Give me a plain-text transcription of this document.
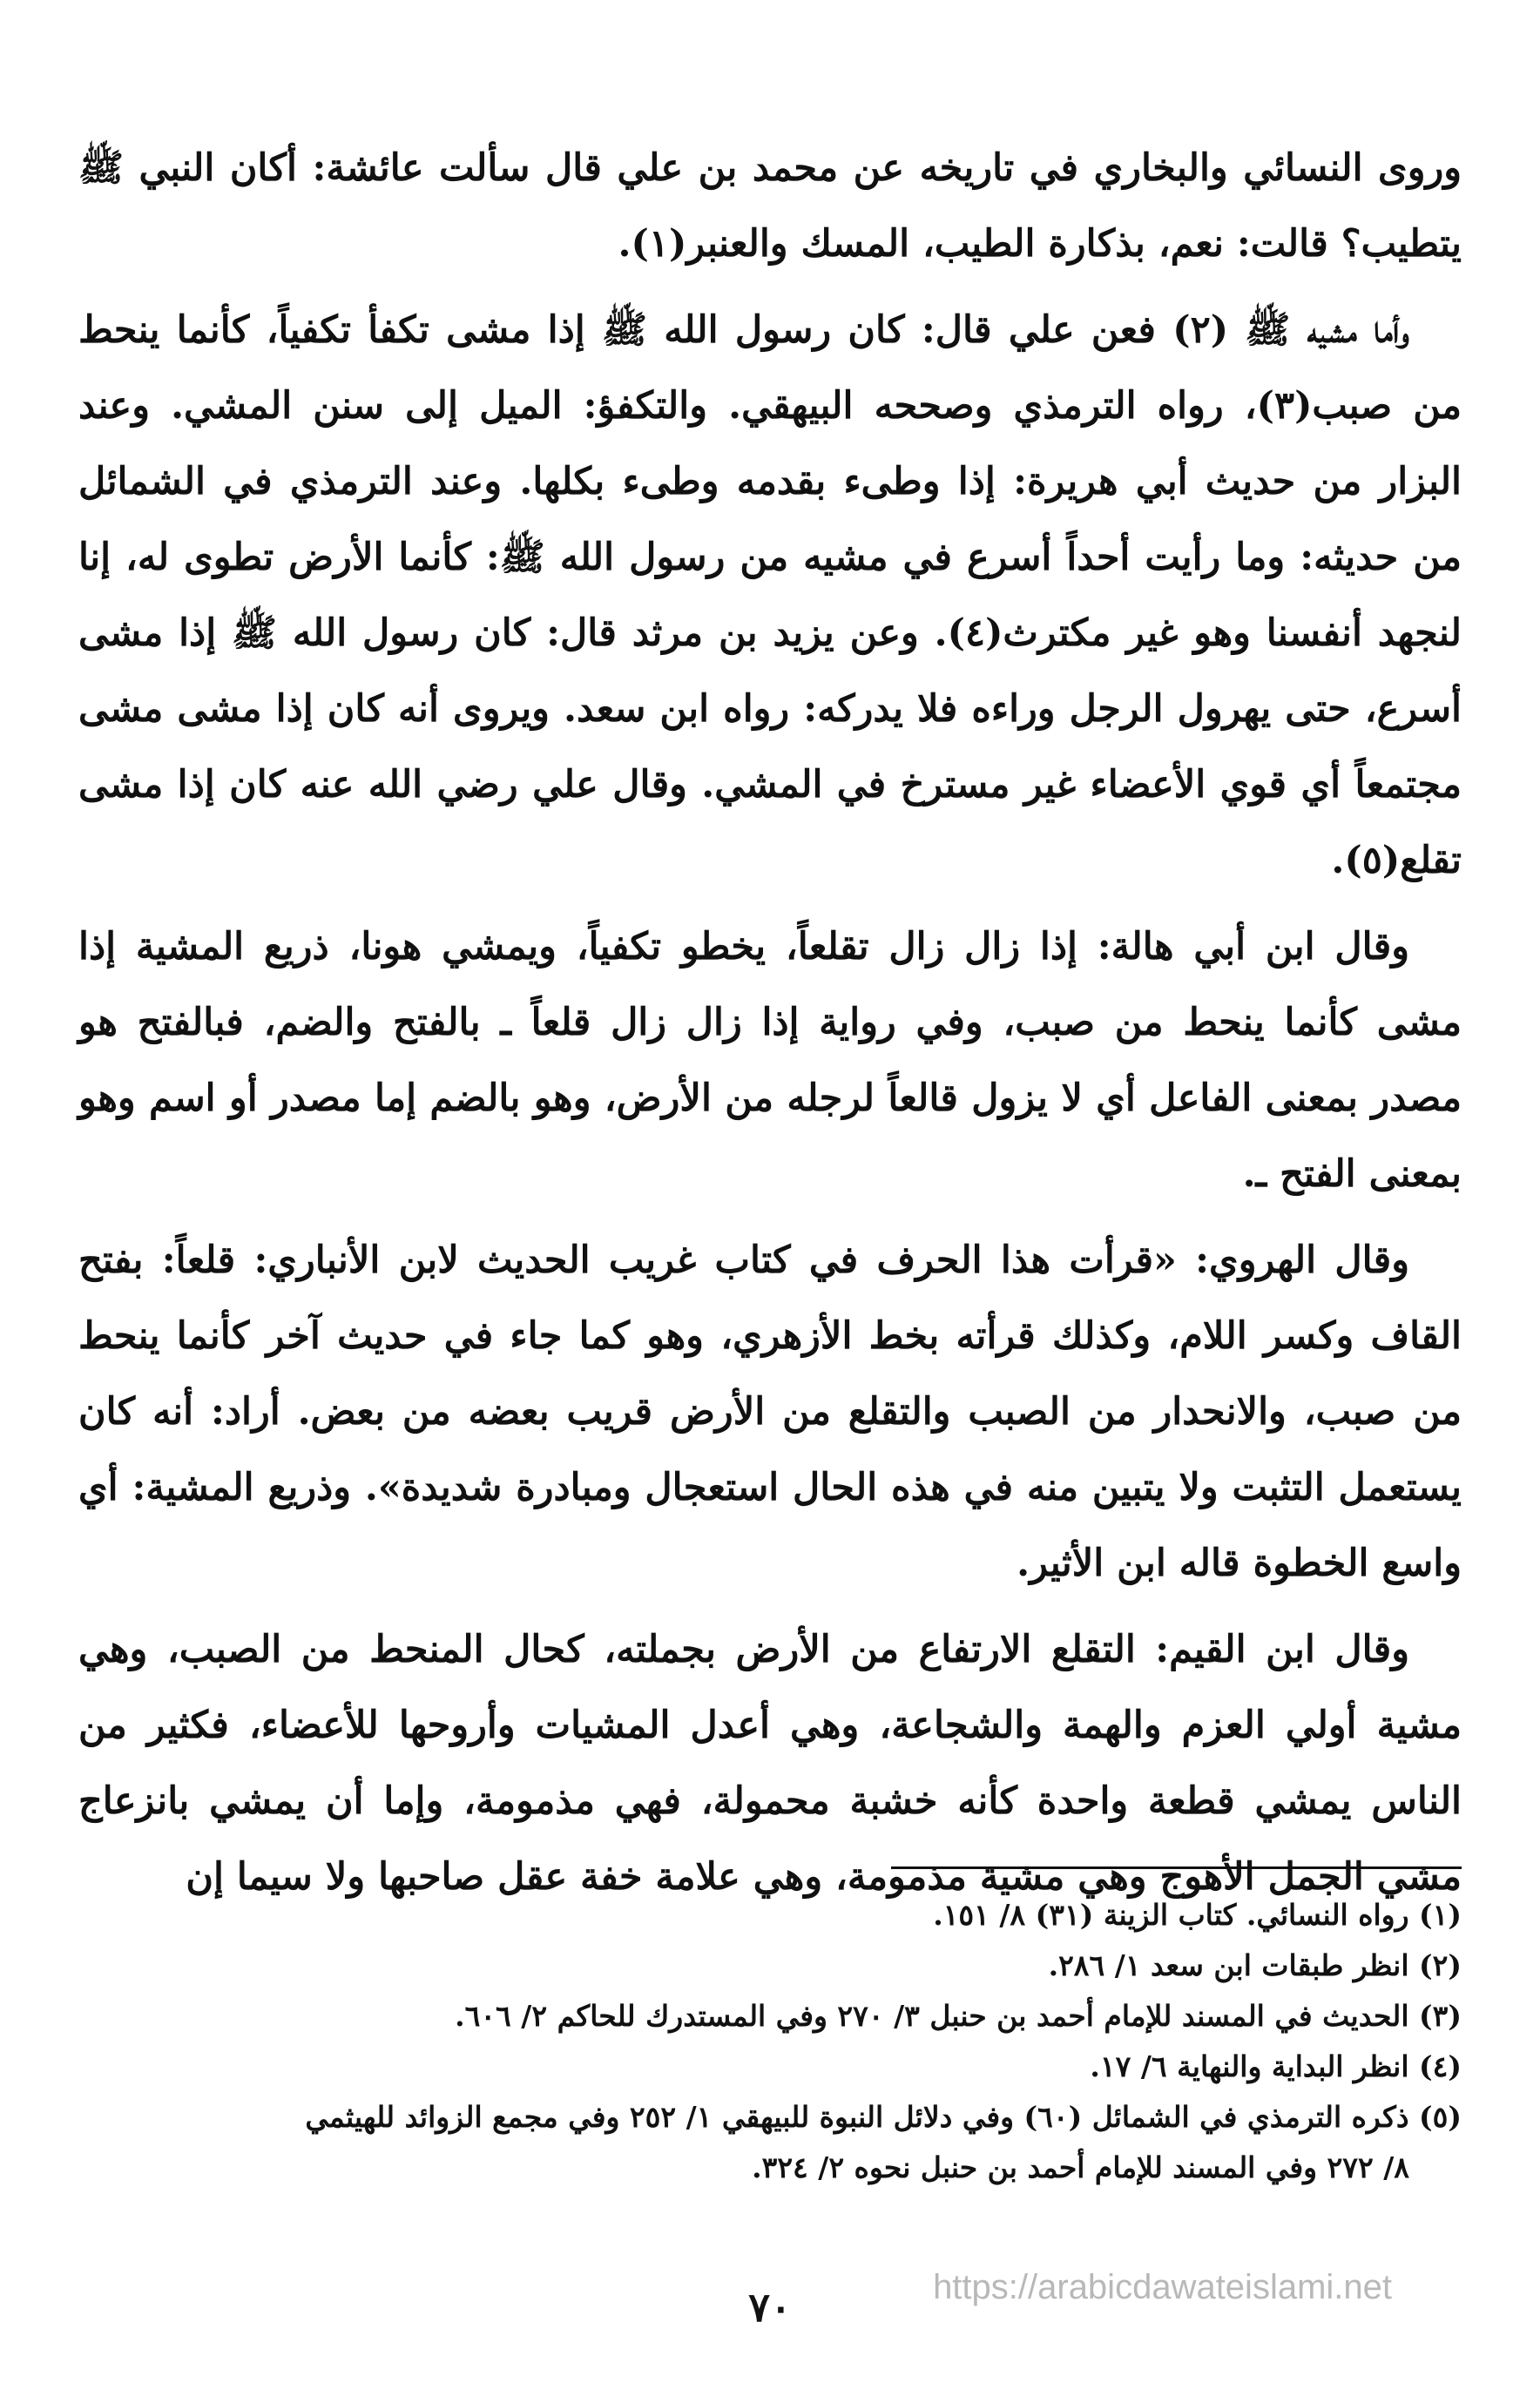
وروى النسائي والبخاري في تاريخه عن محمد بن علي قال سألت عائشة: أكان النبي ﷺ يتطيب؟ قالت: نعم، بذكارة الطيب، المسك والعنبر(١).

وأما مشيه ﷺ (٢) فعن علي قال: كان رسول الله ﷺ إذا مشى تكفأ تكفياً، كأنما ينحط من صبب(٣)، رواه الترمذي وصححه البيهقي. والتكفؤ: الميل إلى سنن المشي. وعند البزار من حديث أبي هريرة: إذا وطىء بقدمه وطىء بكلها. وعند الترمذي في الشمائل من حديثه: وما رأيت أحداً أسرع في مشيه من رسول الله ﷺ: كأنما الأرض تطوى له، إنا لنجهد أنفسنا وهو غير مكترث(٤). وعن يزيد بن مرثد قال: كان رسول الله ﷺ إذا مشى أسرع، حتى يهرول الرجل وراءه فلا يدركه: رواه ابن سعد. ويروى أنه كان إذا مشى مشى مجتمعاً أي قوي الأعضاء غير مسترخ في المشي. وقال علي رضي الله عنه كان إذا مشى تقلع(٥).

وقال ابن أبي هالة: إذا زال زال تقلعاً، يخطو تكفياً، ويمشي هونا، ذريع المشية إذا مشى كأنما ينحط من صبب، وفي رواية إذا زال زال قلعاً ـ بالفتح والضم، فبالفتح هو مصدر بمعنى الفاعل أي لا يزول قالعاً لرجله من الأرض، وهو بالضم إما مصدر أو اسم وهو بمعنى الفتح ـ.

وقال الهروي: «قرأت هذا الحرف في كتاب غريب الحديث لابن الأنباري: قلعاً: بفتح القاف وكسر اللام، وكذلك قرأته بخط الأزهري، وهو كما جاء في حديث آخر كأنما ينحط من صبب، والانحدار من الصبب والتقلع من الأرض قريب بعضه من بعض. أراد: أنه كان يستعمل التثبت ولا يتبين منه في هذه الحال استعجال ومبادرة شديدة». وذريع المشية: أي واسع الخطوة قاله ابن الأثير.

وقال ابن القيم: التقلع الارتفاع من الأرض بجملته، كحال المنحط من الصبب، وهي مشية أولي العزم والهمة والشجاعة، وهي أعدل المشيات وأروحها للأعضاء، فكثير من الناس يمشي قطعة واحدة كأنه خشبة محمولة، فهي مذمومة، وإما أن يمشي بانزعاج مشي الجمل الأهوج وهي مشية مذمومة، وهي علامة خفة عقل صاحبها ولا سيما إن

(١) رواه النسائي. كتاب الزينة (٣١) ٨/ ١٥١.
(٢) انظر طبقات ابن سعد ١/ ٢٨٦.
(٣) الحديث في المسند للإمام أحمد بن حنبل ٣/ ٢٧٠ وفي المستدرك للحاكم ٢/ ٦٠٦.
(٤) انظر البداية والنهاية ٦/ ١٧.
(٥) ذكره الترمذي في الشمائل (٦٠) وفي دلائل النبوة للبيهقي ١/ ٢٥٢ وفي مجمع الزوائد للهيثمي
٨/ ٢٧٢ وفي المسند للإمام أحمد بن حنبل نحوه ٢/ ٣٢٤.
٧٠	https://arabicdawateislami.net
